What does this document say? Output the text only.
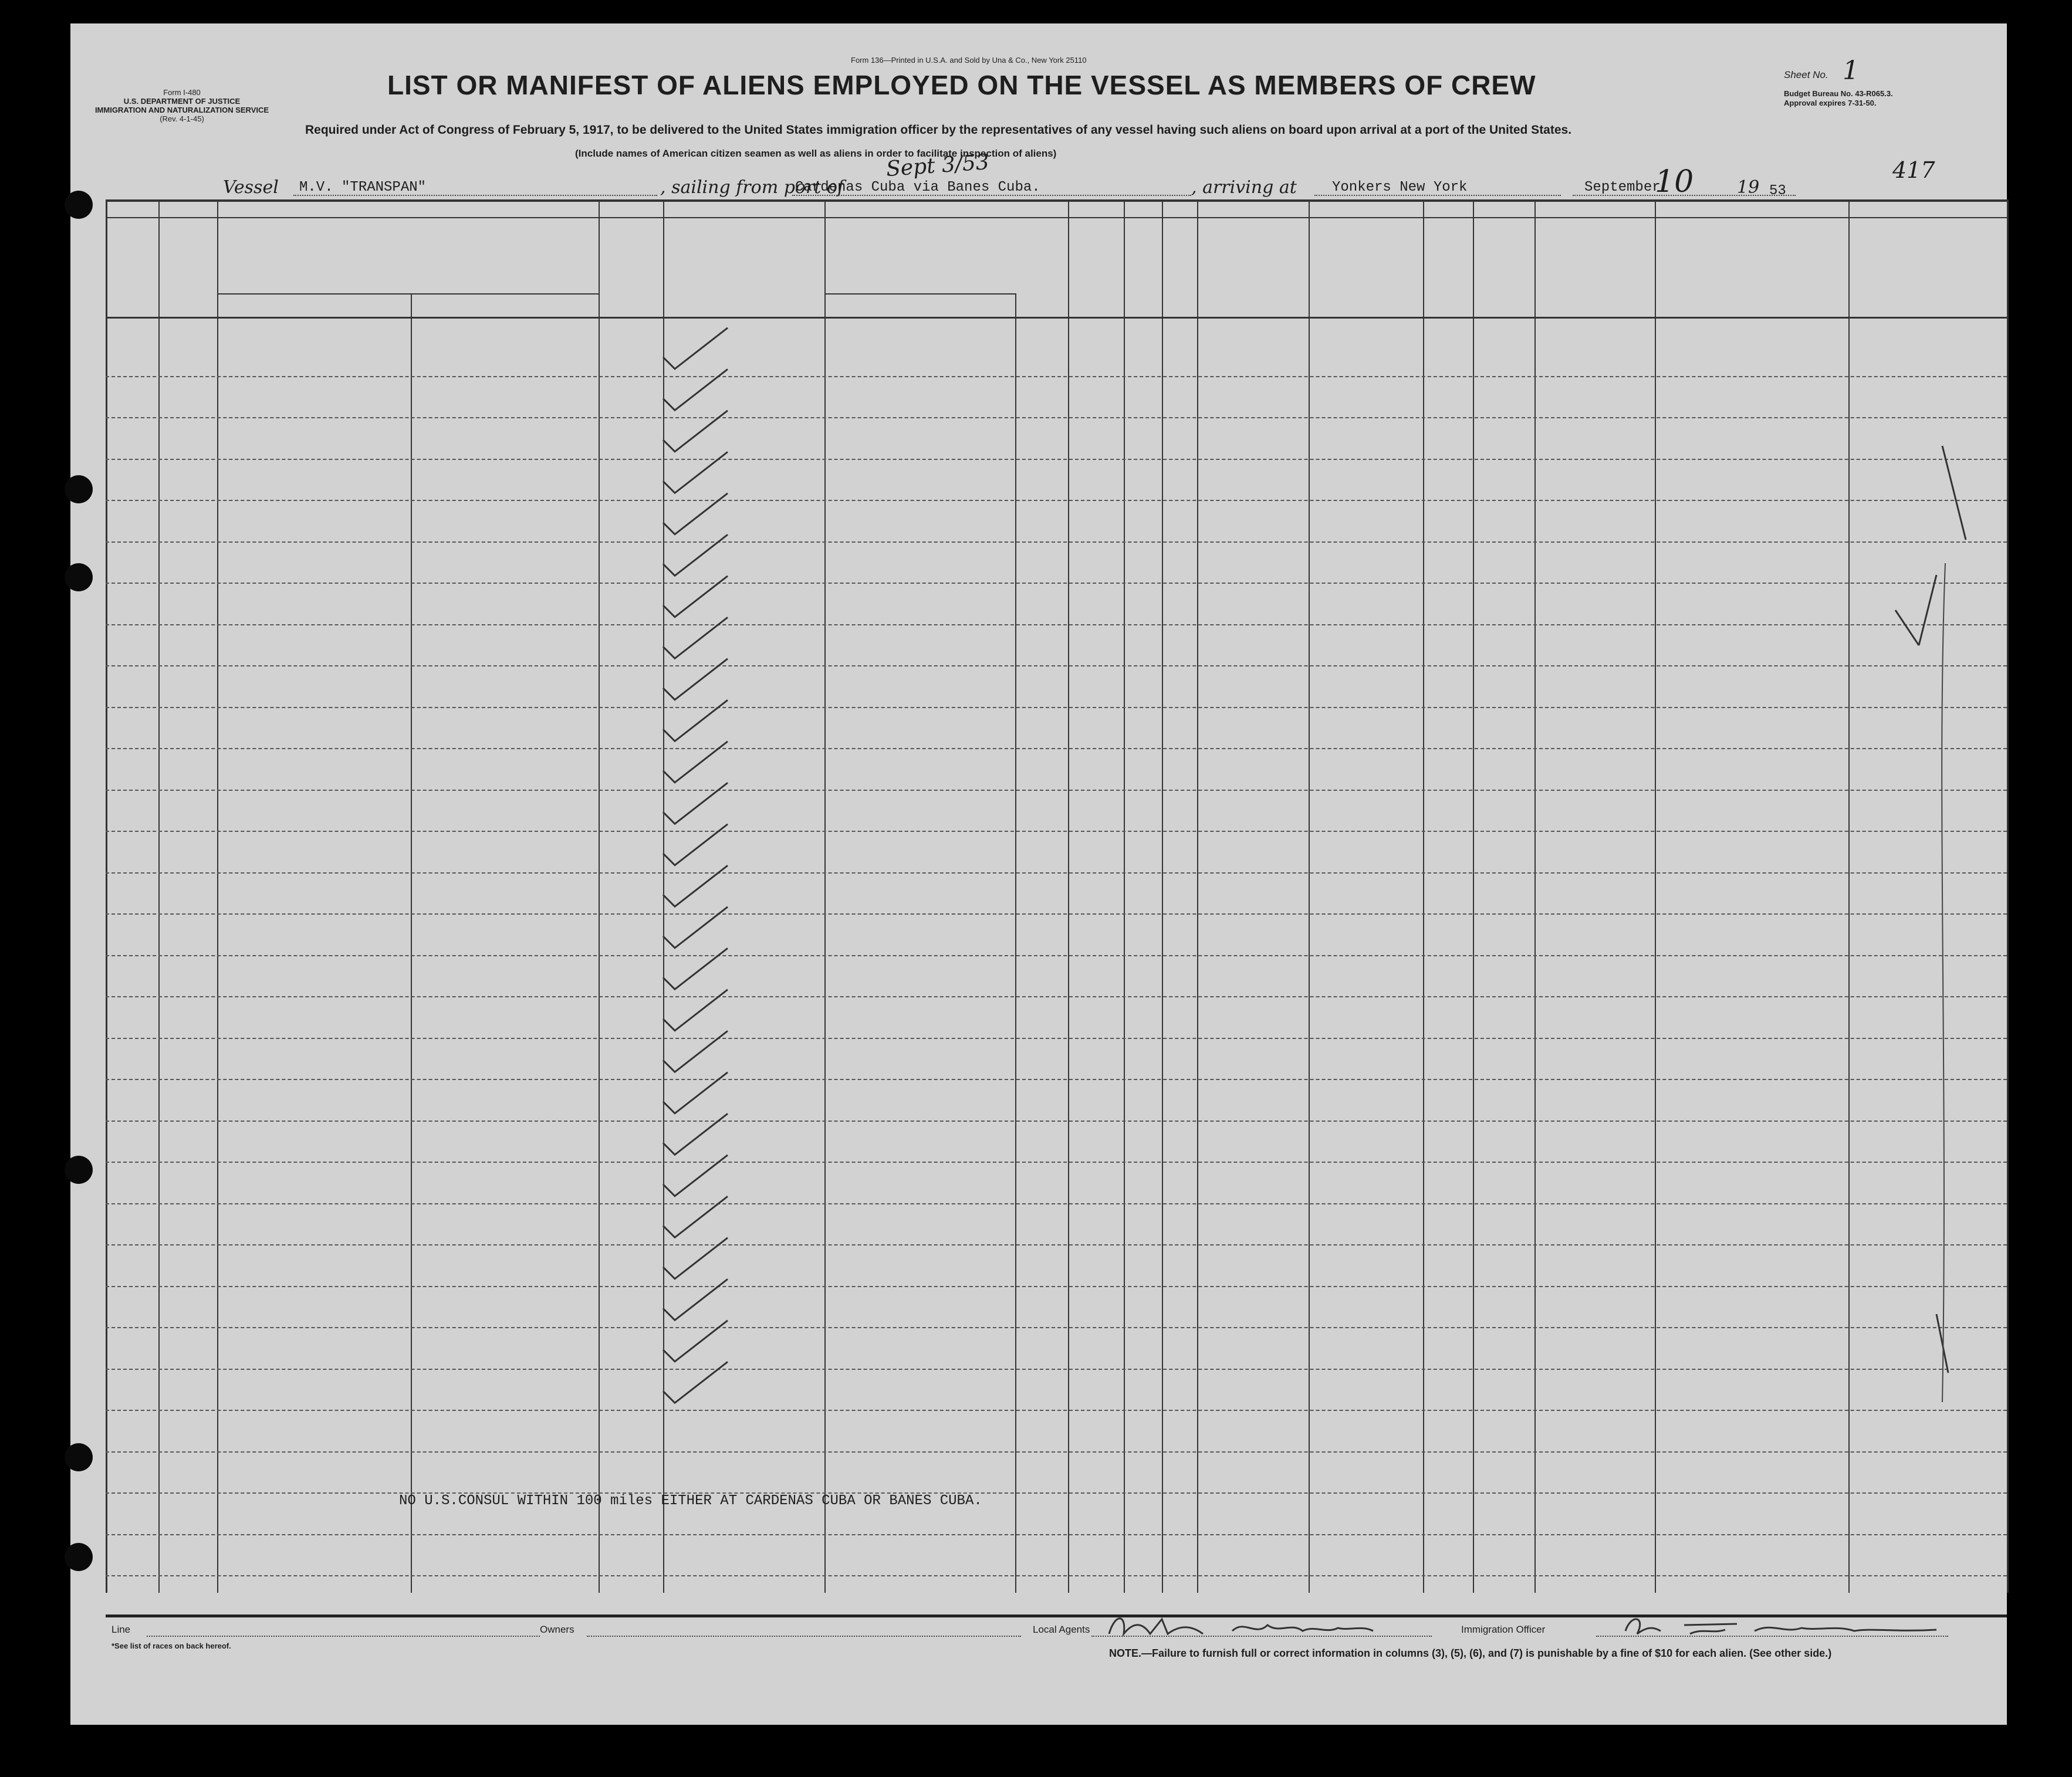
Form I-480
U.S. DEPARTMENT OF JUSTICE
IMMIGRATION AND NATURALIZATION SERVICE
(Rev. 4-1-45)
Form 136—Printed in U.S.A. and Sold by Una & Co., New York 25110
LIST OR MANIFEST OF ALIENS EMPLOYED ON THE VESSEL AS MEMBERS OF CREW	Sheet No. 1
Budget Bureau No. 43-R065.3.
Approval expires 7-31-50.
Required under Act of Congress of February 5, 1917, to be delivered to the United States immigration officer by the representatives of any vessel having such aliens on board upon arrival at a port of the United States.
(Include names of American citizen seamen as well as aliens in order to facilitate inspection of aliens)
Vessel M.V. "TRANSPAN"	, sailing from port of
Cardenas Cuba via Banes Cuba.
Sept 3/53
, arriving at	Yonkers New York	September
10 19 53
417
NO U.S.CONSUL WITHIN 100 miles EITHER AT CARDENAS CUBA OR BANES CUBA.
Line	Owners	Local Agents	Immigration Officer
*See list of races on back hereof.
NOTE.—Failure to furnish full or correct information in columns (3), (5), (6), and (7) is punishable by a fine of $10 for each alien. (See other side.)
